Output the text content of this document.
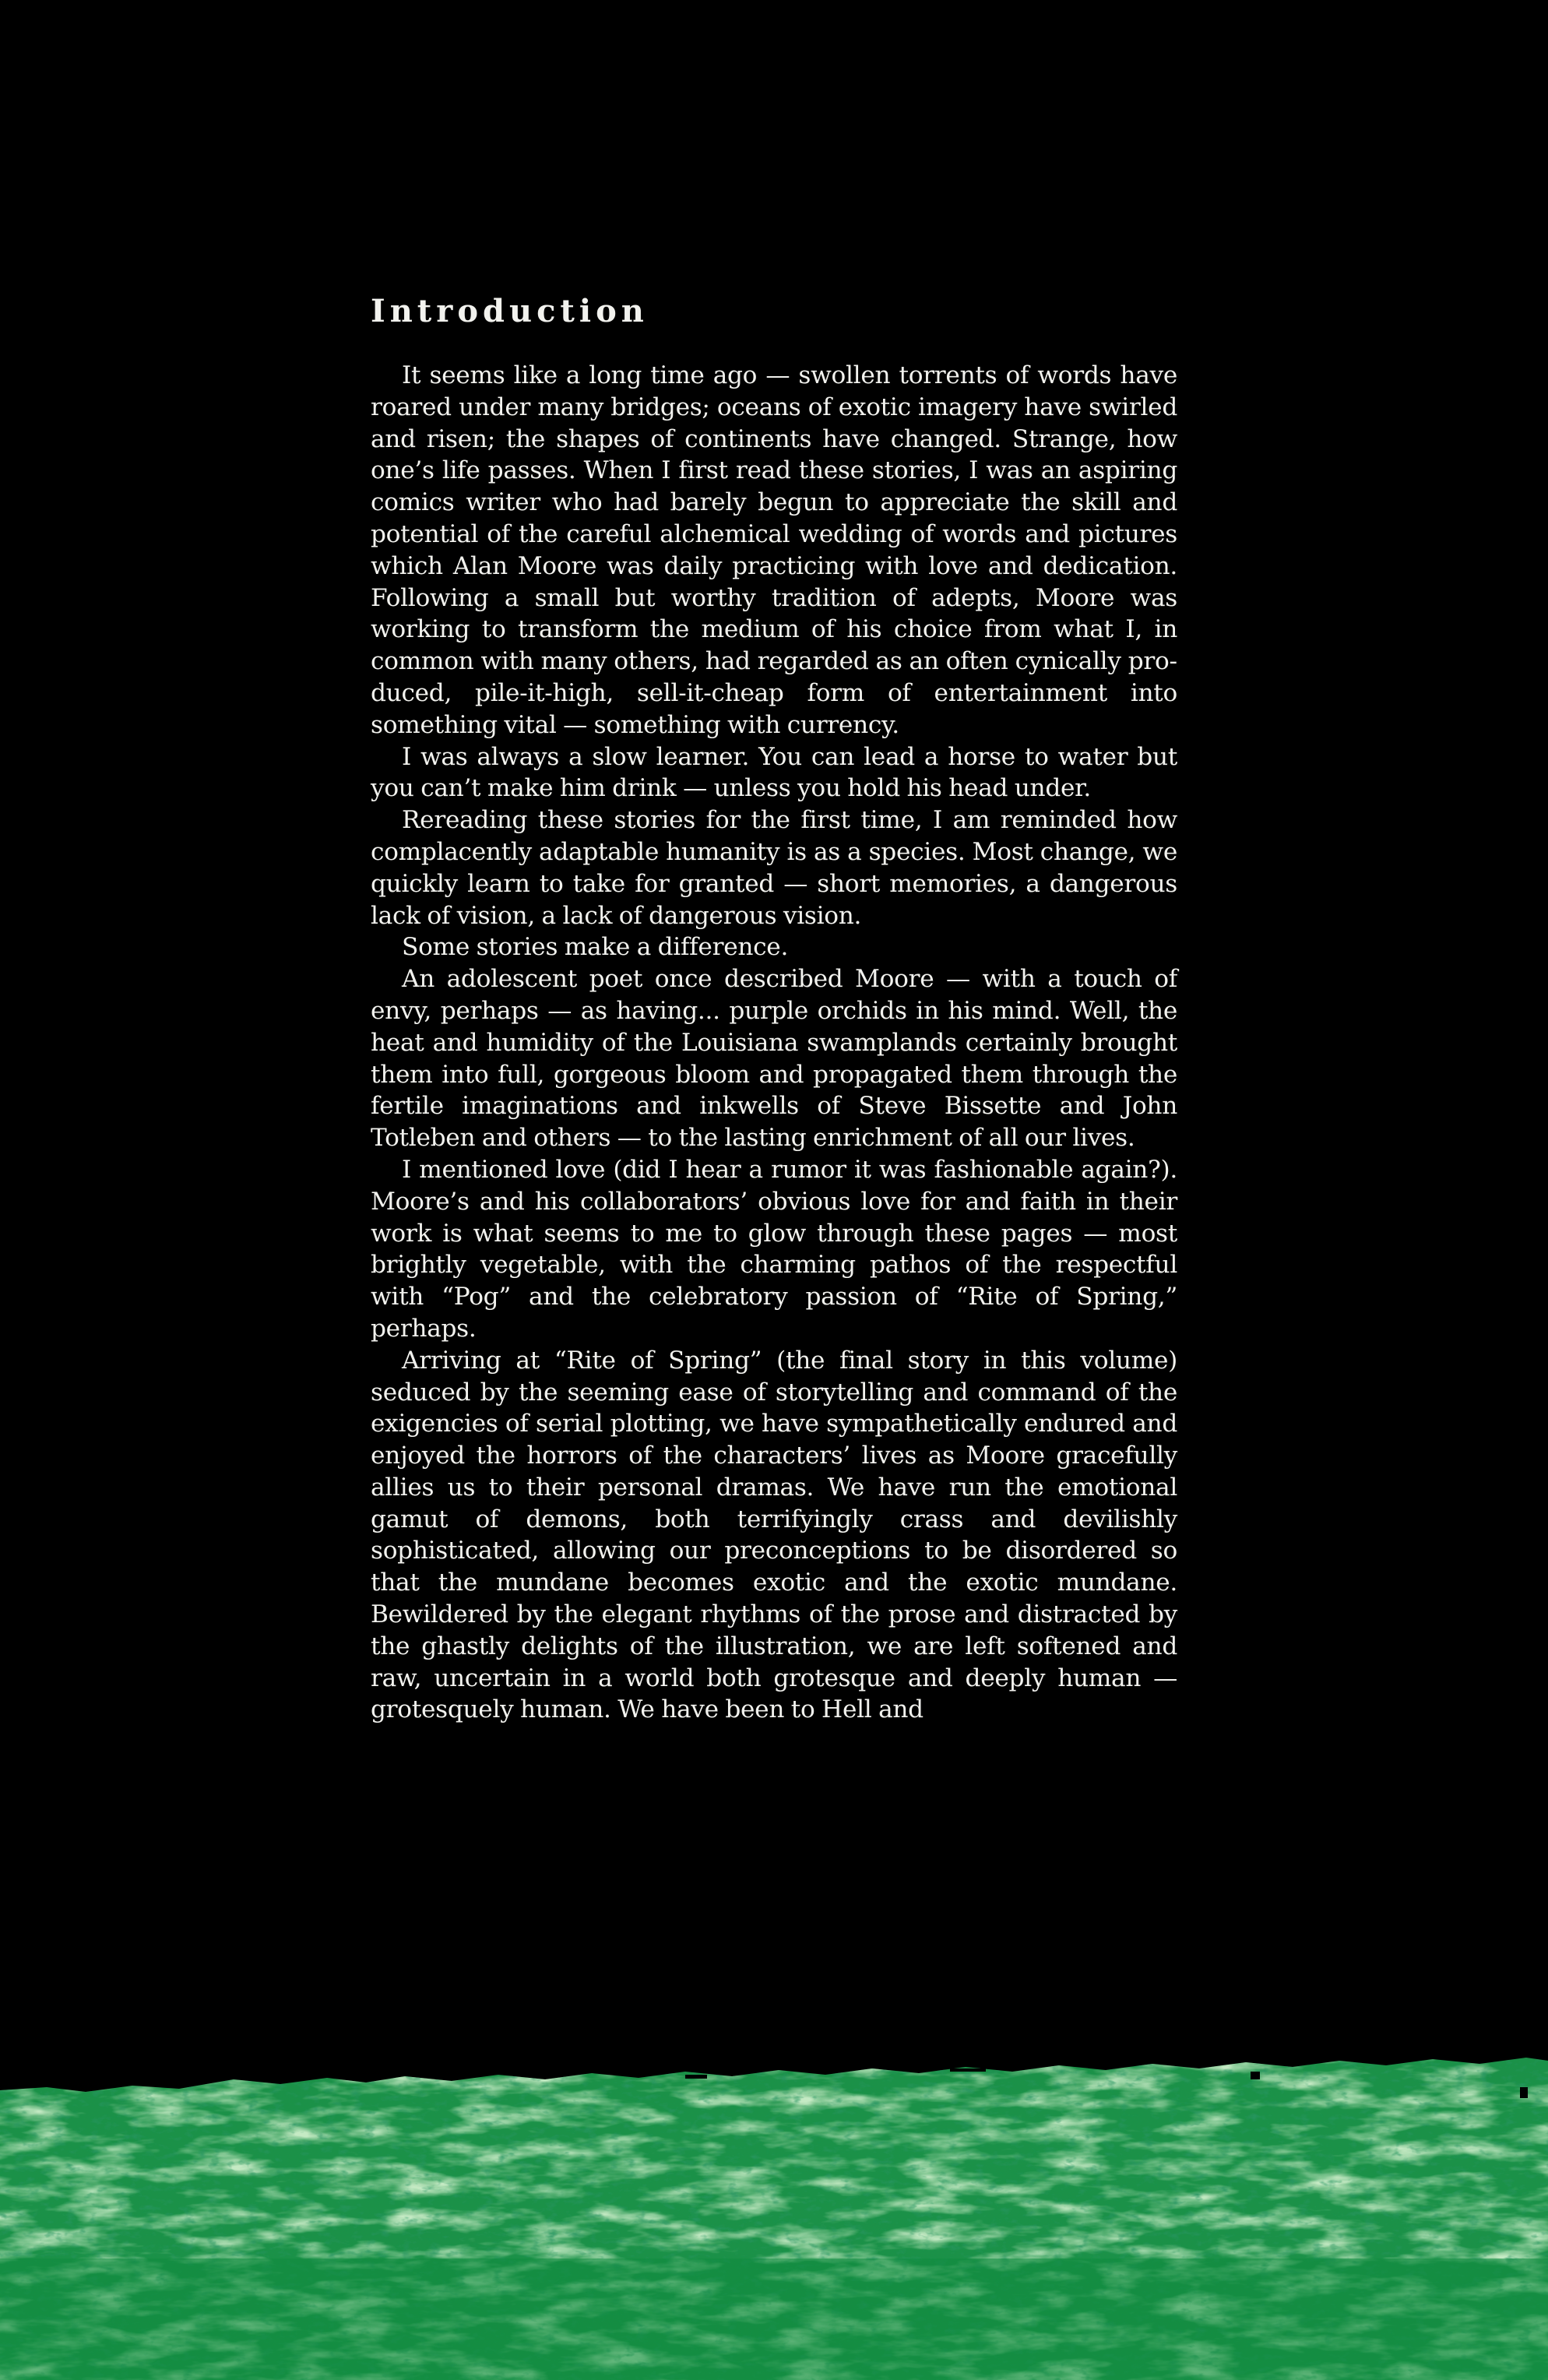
Introduction

It seems like a long time ago — swollen torrents of words have roared under many bridges; oceans of exotic imagery have swirled and risen; the shapes of continents have changed. Strange, how one’s life passes. When I first read these stories, I was an aspiring comics writer who had barely begun to appreciate the skill and potential of the careful alchemical wedding of words and pictures which Alan Moore was daily practicing with love and dedication. Following a small but worthy tradition of adepts, Moore was working to transform the medium of his choice from what I, in common with many others, had regarded as an often cynically produced, pile-it-high, sell-it-cheap form of entertainment into something vital — something with currency.

I was always a slow learner. You can lead a horse to water but you can’t make him drink — unless you hold his head under.

Rereading these stories for the first time, I am reminded how complacently adaptable humanity is as a species. Most change, we quickly learn to take for granted — short memories, a dangerous lack of vision, a lack of dangerous vision.

Some stories make a difference.

An adolescent poet once described Moore — with a touch of envy, perhaps — as having... purple orchids in his mind. Well, the heat and humidity of the Louisiana swamplands certainly brought them into full, gorgeous bloom and propagated them through the fertile imaginations and inkwells of Steve Bissette and John Totleben and others — to the lasting enrichment of all our lives.

I mentioned love (did I hear a rumor it was fashionable again?). Moore’s and his collaborators’ obvious love for and faith in their work is what seems to me to glow through these pages — most brightly vegetable, with the charming pathos of the respectful with “Pog” and the celebratory passion of “Rite of Spring,” perhaps.

Arriving at “Rite of Spring” (the final story in this volume) seduced by the seeming ease of storytelling and command of the exigencies of serial plotting, we have sympathetically endured and enjoyed the horrors of the characters’ lives as Moore gracefully allies us to their personal dramas. We have run the emotional gamut of demons, both terrifyingly crass and devilishly sophisticated, allowing our preconceptions to be disordered so that the mundane becomes exotic and the exotic mundane. Bewildered by the elegant rhythms of the prose and distracted by the ghastly delights of the illustration, we are left softened and raw, uncertain in a world both grotesque and deeply human — grotesquely human. We have been to Hell and
